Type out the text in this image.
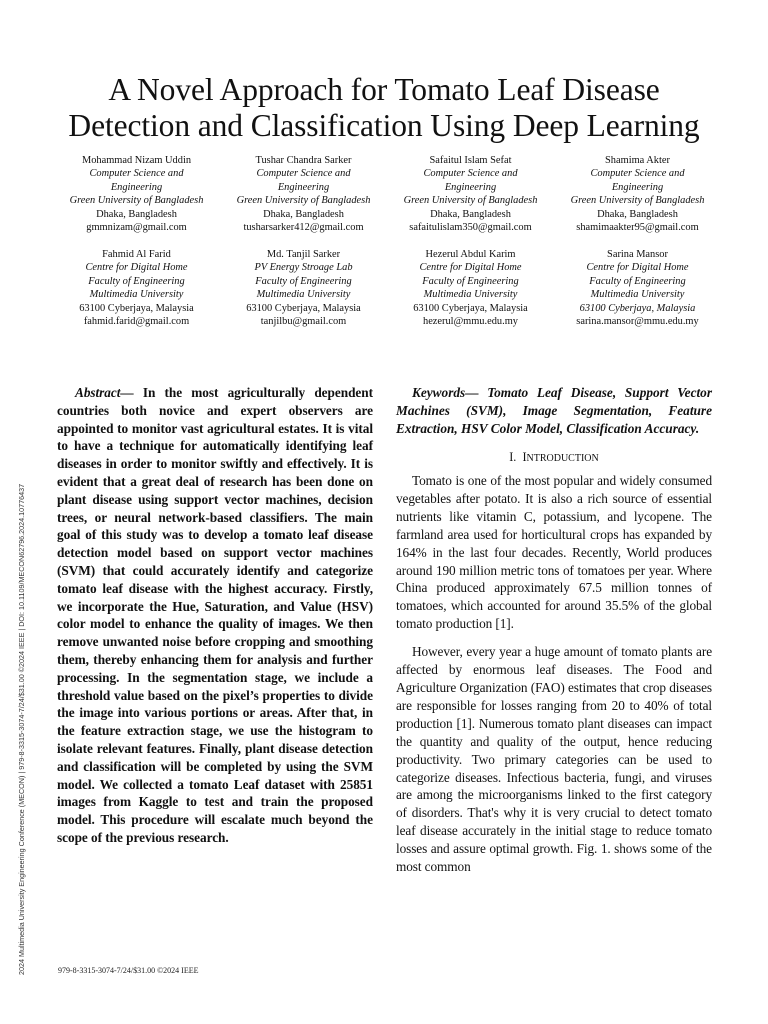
A Novel Approach for Tomato Leaf Disease
Detection and Classification Using Deep Learning
Mohammad Nizam Uddin
Computer Science and
Engineering
Green University of Bangladesh
Dhaka, Bangladesh
gmmnizam@gmail.com
Tushar Chandra Sarker
Computer Science and
Engineering
Green University of Bangladesh
Dhaka, Bangladesh
tusharsarker412@gmail.com
Safaitul Islam Sefat
Computer Science and
Engineering
Green University of Bangladesh
Dhaka, Bangladesh
safaitulislam350@gmail.com
Shamima Akter
Computer Science and
Engineering
Green University of Bangladesh
Dhaka, Bangladesh
shamimaakter95@gmail.com
Fahmid Al Farid
Centre for Digital Home
Faculty of Engineering
Multimedia University
63100 Cyberjaya, Malaysia
fahmid.farid@gmail.com
Md. Tanjil Sarker
PV Energy Stroage Lab
Faculty of Engineering
Multimedia University
63100 Cyberjaya, Malaysia
tanjilbu@gmail.com
Hezerul Abdul Karim
Centre for Digital Home
Faculty of Engineering
Multimedia University
63100 Cyberjaya, Malaysia
hezerul@mmu.edu.my
Sarina Mansor
Centre for Digital Home
Faculty of Engineering
Multimedia University
63100 Cyberjaya, Malaysia
sarina.mansor@mmu.edu.my
2024 Multimedia University Engineering Conference (MECON) | 979-8-3315-3074-7/24/$31.00 ©2024 IEEE | DOI: 10.1109/MECON62796.2024.10776437

Abstract— In the most agriculturally dependent countries both novice and expert observers are appointed to monitor vast agricultural estates. It is vital to have a technique for automatically identifying leaf diseases in order to monitor swiftly and effectively. It is evident that a great deal of research has been done on plant disease using support vector machines, decision trees, or neural network-based classifiers. The main goal of this study was to develop a tomato leaf disease detection model based on support vector machines (SVM) that could accurately identify and categorize tomato leaf disease with the highest accuracy. Firstly, we incorporate the Hue, Saturation, and Value (HSV) color model to enhance the quality of images. We then remove unwanted noise before cropping and smoothing them, thereby enhancing them for analysis and further processing. In the segmentation stage, we include a threshold value based on the pixel’s properties to divide the image into various portions or areas. After that, in the feature extraction stage, we use the histogram to isolate relevant features. Finally, plant disease detection and classification will be completed by using the SVM model. We collected a tomato Leaf dataset with 25851 images from Kaggle to test and train the proposed model. This procedure will escalate much beyond the scope of the previous research.

Keywords— Tomato Leaf Disease, Support Vector Machines (SVM), Image Segmentation, Feature Extraction, HSV Color Model, Classification Accuracy.

I. INTRODUCTION

Tomato is one of the most popular and widely consumed vegetables after potato. It is also a rich source of essential nutrients like vitamin C, potassium, and lycopene. The farmland area used for horticultural crops has expanded by 164% in the last four decades. Recently, World produces around 190 million metric tons of tomatoes per year. Where China produced approximately 67.5 million tonnes of tomatoes, which accounted for around 35.5% of the global tomato production [1].

However, every year a huge amount of tomato plants are affected by enormous leaf diseases. The Food and Agriculture Organization (FAO) estimates that crop diseases are responsible for losses ranging from 20 to 40% of total production [1]. Numerous tomato plant diseases can impact the quantity and quality of the output, hence reducing productivity. Two primary categories can be used to categorize diseases. Infectious bacteria, fungi, and viruses are among the microorganisms linked to the first category of disorders. That's why it is very crucial to detect tomato leaf disease accurately in the initial stage to reduce tomato losses and assure optimal growth. Fig. 1. shows some of the most common

979-8-3315-3074-7/24/$31.00 ©2024 IEEE
